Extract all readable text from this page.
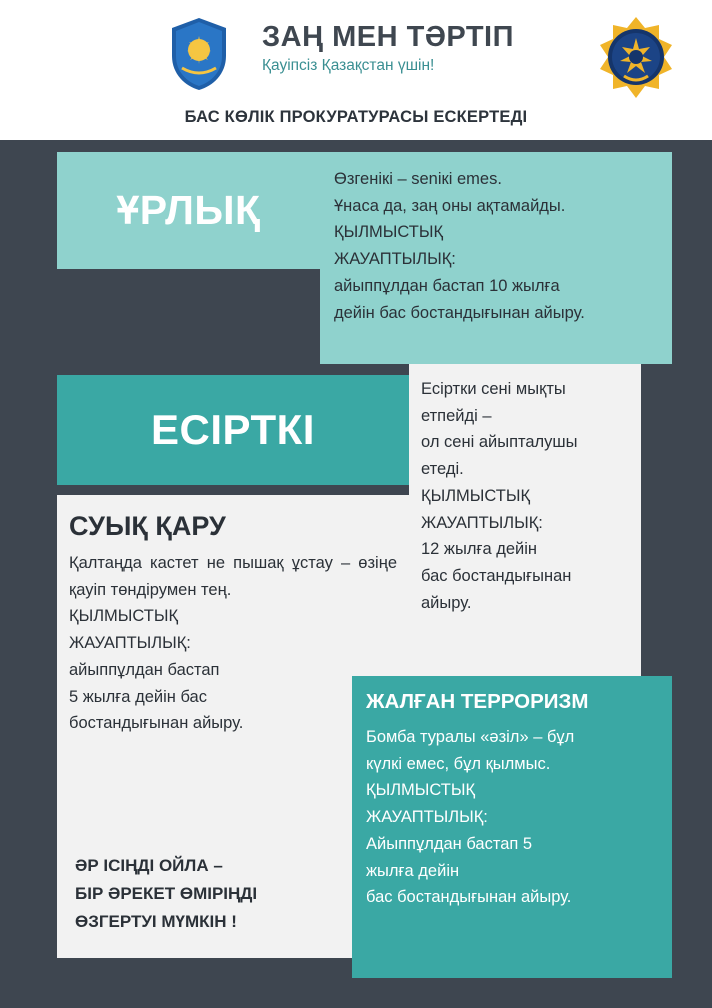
ЗАҢ МЕН ТӘРТІП
Қауіпсіз Қазақстан үшін!
БАС КӨЛІК ПРОКУРАТУРАСЫ ЕСКЕРТЕДІ
ҰРЛЫҚ

Өзгенікі – senікі emes.

Ұнаса да, заң оны ақтамайды.

ҚЫЛМЫСТЫҚ

ЖАУАПТЫЛЫҚ:

айыппұлдан бастап 10 жылға

дейін бас бостандығынан айыру.

ЕСІРТКІ

Есіртки сені мықты

етпейді –

ол сені айыпталушы

етеді.

ҚЫЛМЫСТЫҚ

ЖАУАПТЫЛЫҚ:

12 жылға дейін

бас бостандығынан

айыру.

СУЫҚ ҚАРУ

Қалтаңда кастет не пышақ ұстау – өзіңе қауіп төндірумен тең.

ҚЫЛМЫСТЫҚ

ЖАУАПТЫЛЫҚ:

айыппұлдан бастап

5 жылға дейін бас

бостандығынан айыру.

ЖАЛҒАН ТЕРРОРИЗМ

Бомба туралы «әзіл» – бұл

күлкі емес, бұл қылмыс.

ҚЫЛМЫСТЫҚ

ЖАУАПТЫЛЫҚ:

Айыппұлдан бастап 5

жылға дейін

бас бостандығынан айыру.

ӘР ІСІҢДІ ОЙЛА –

БІР ӘРЕКЕТ ӨМІРІҢДІ

ӨЗГЕРТУІ МҮМКІН !
